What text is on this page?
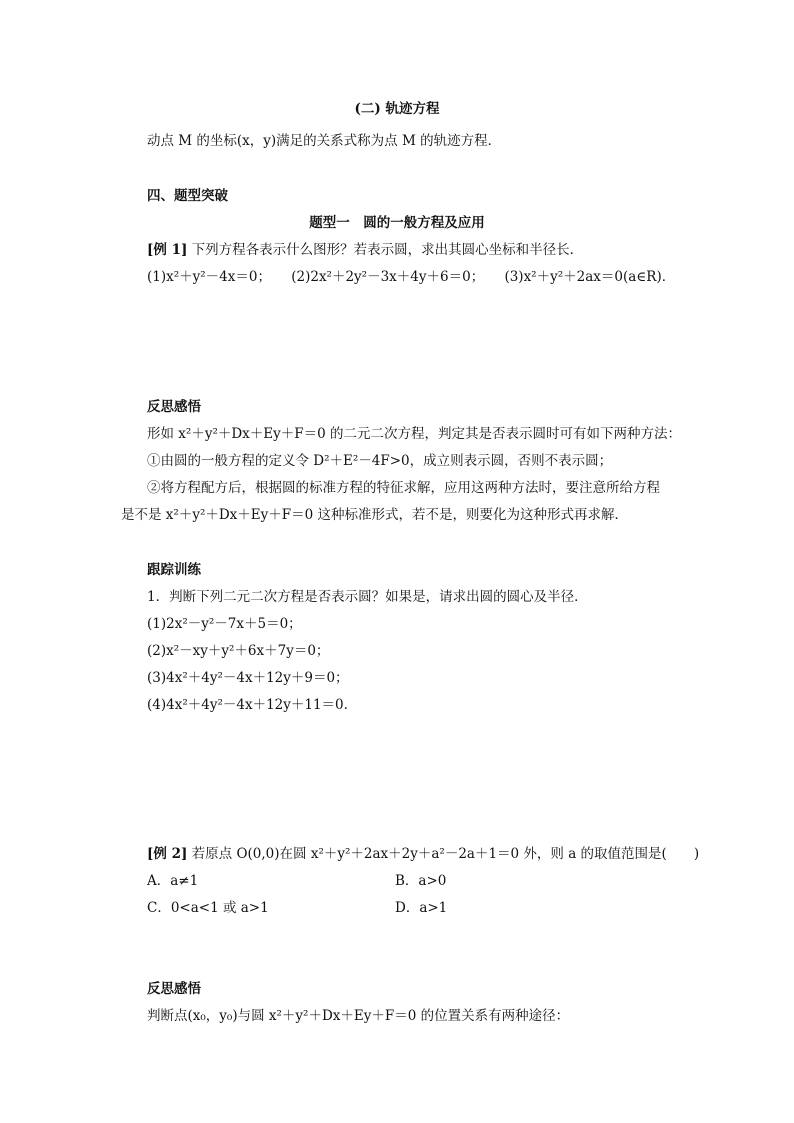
(二) 轨迹方程
动点 M 的坐标(x，y)满足的关系式称为点 M 的轨迹方程．
四、题型突破
题型一　圆的一般方程及应用
[例 1] 下列方程各表示什么图形？若表示圆，求出其圆心坐标和半径长．
(1)x²＋y²－4x＝0；　　(2)2x²＋2y²－3x＋4y＋6＝0；　　(3)x²＋y²＋2ax＝0(a∈R)．
反思感悟
形如 x²＋y²＋Dx＋Ey＋F＝0 的二元二次方程，判定其是否表示圆时可有如下两种方法：
①由圆的一般方程的定义令 D²＋E²－4F>0，成立则表示圆，否则不表示圆；
②将方程配方后，根据圆的标准方程的特征求解，应用这两种方法时，要注意所给方程
是不是 x²＋y²＋Dx＋Ey＋F＝0 这种标准形式，若不是，则要化为这种形式再求解．
跟踪训练
1．判断下列二元二次方程是否表示圆？如果是，请求出圆的圆心及半径．
(1)2x²－y²－7x＋5＝0；
(2)x²－xy＋y²＋6x＋7y＝0；
(3)4x²＋4y²－4x＋12y＋9＝0；
(4)4x²＋4y²－4x＋12y＋11＝0.
[例 2] 若原点 O(0,0)在圆 x²＋y²＋2ax＋2y＋a²－2a＋1＝0 外，则 a 的取值范围是(　　)
A．a≠1	B．a>0
C．0<a<1 或 a>1	D．a>1
反思感悟
判断点(x₀，y₀)与圆 x²＋y²＋Dx＋Ey＋F＝0 的位置关系有两种途径：
